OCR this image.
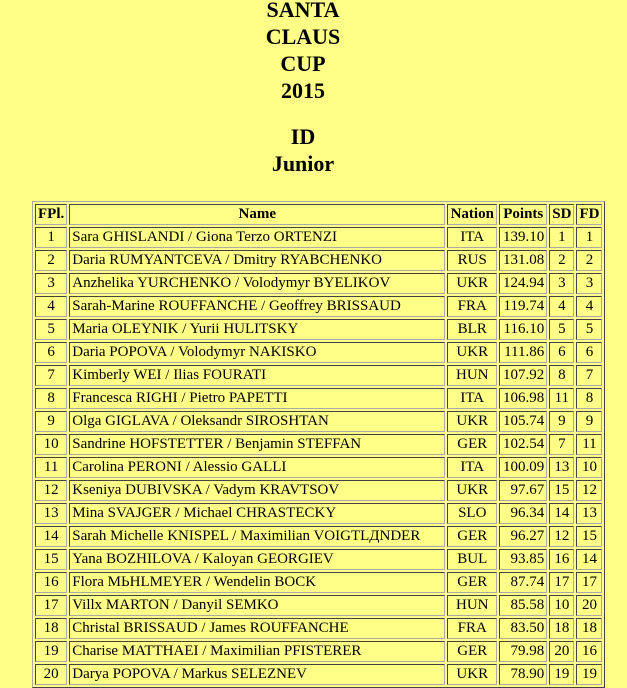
SANTA
CLAUS
CUP
2015
ID
Junior
FPl.	Name	Nation	Points	SD	FD
1	Sara GHISLANDI / Giona Terzo ORTENZI	ITA	139.10	1	1
2	Daria RUMYANTCEVA / Dmitry RYABCHENKO	RUS	131.08	2	2
3	Anzhelika YURCHENKO / Volodymyr BYELIKOV	UKR	124.94	3	3
4	Sarah-Marine ROUFFANCHE / Geoffrey BRISSAUD	FRA	119.74	4	4
5	Maria OLEYNIK / Yurii HULITSKY	BLR	116.10	5	5
6	Daria POPOVA / Volodymyr NAKISKO	UKR	111.86	6	6
7	Kimberly WEI / Ilias FOURATI	HUN	107.92	8	7
8	Francesca RIGHI / Pietro PAPETTI	ITA	106.98	11	8
9	Olga GIGLAVA / Oleksandr SIROSHTAN	UKR	105.74	9	9
10	Sandrine HOFSTETTER / Benjamin STEFFAN	GER	102.54	7	11
11	Carolina PERONI / Alessio GALLI	ITA	100.09	13	10
12	Kseniya DUBIVSKA / Vadym KRAVTSOV	UKR	97.67	15	12
13	Mina SVAJGER / Michael CHRASTECKY	SLO	96.34	14	13
14	Sarah Michelle KNISPEL / Maximilian VOIGTLДNDER	GER	96.27	12	15
15	Yana BOZHILOVA / Kaloyan GEORGIEV	BUL	93.85	16	14
16	Flora MЬHLMEYER / Wendelin BOCK	GER	87.74	17	17
17	Villx MARTON / Danyil SEMKO	HUN	85.58	10	20
18	Christal BRISSAUD / James ROUFFANCHE	FRA	83.50	18	18
19	Charise MATTHAEI / Maximilian PFISTERER	GER	79.98	20	16
20	Darya POPOVA / Markus SELEZNEV	UKR	78.90	19	19
